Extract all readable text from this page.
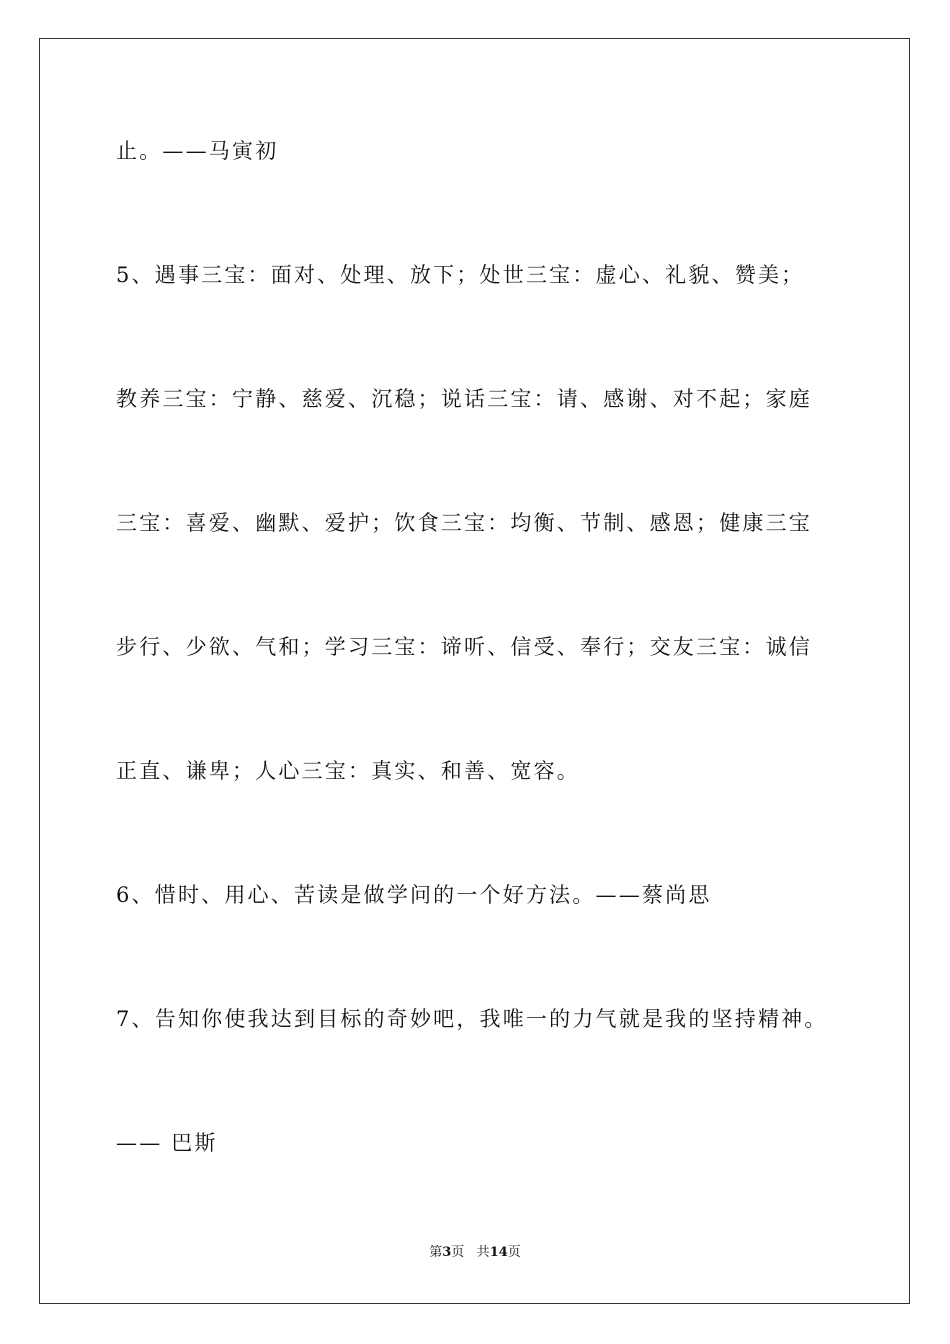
止。——马寅初
5、遇事三宝：面对、处理、放下；处世三宝：虚心、礼貌、赞美；
教养三宝：宁静、慈爱、沉稳；说话三宝：请、感谢、对不起；家庭
三宝：喜爱、幽默、爱护；饮食三宝：均衡、节制、感恩；健康三宝
步行、少欲、气和；学习三宝：谛听、信受、奉行；交友三宝：诚信
正直、谦卑；人心三宝：真实、和善、宽容。
6、惜时、用心、苦读是做学问的一个好方法。——蔡尚思
7、告知你使我达到目标的奇妙吧，我唯一的力气就是我的坚持精神。
—— 巴斯
第3页 共14页
